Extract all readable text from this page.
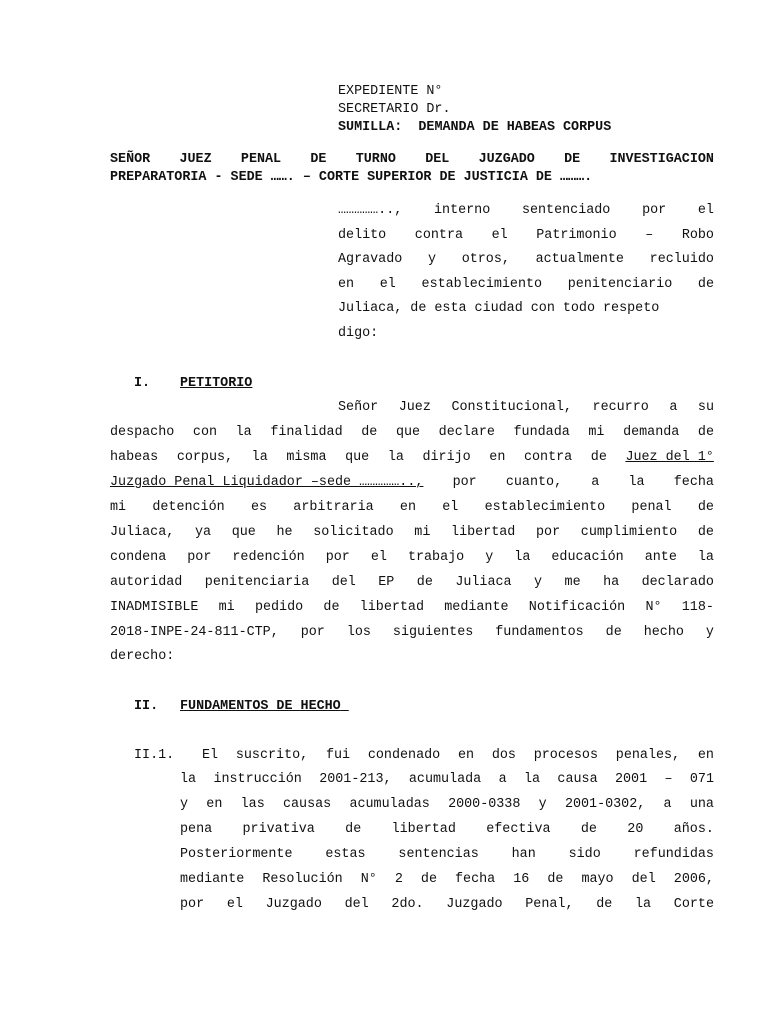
EXPEDIENTE N°
SECRETARIO Dr.
SUMILLA: DEMANDA DE HABEAS CORPUS
SEÑOR JUEZ PENAL DE TURNO DEL JUZGADO DE INVESTIGACION
PREPARATORIA - SEDE ……. – CORTE SUPERIOR DE JUSTICIA DE ……….
…………….., interno sentenciado por el
delito contra el Patrimonio – Robo
Agravado y otros, actualmente recluido
en el establecimiento penitenciario de
Juliaca, de esta ciudad con todo respeto
digo:
I. PETITORIO
Señor Juez Constitucional, recurro a su
despacho con la finalidad de que declare fundada mi demanda de
habeas corpus, la misma que la dirijo en contra de Juez del 1°
Juzgado Penal Liquidador –sede …………….., por cuanto, a la fecha
mi detención es arbitraria en el establecimiento penal de
Juliaca, ya que he solicitado mi libertad por cumplimiento de
condena por redención por el trabajo y la educación ante la
autoridad penitenciaria del EP de Juliaca y me ha declarado
INADMISIBLE mi pedido de libertad mediante Notificación N° 118-
2018-INPE-24-811-CTP, por los siguientes fundamentos de hecho y
derecho:
II. FUNDAMENTOS DE HECHO
II.1. El suscrito, fui condenado en dos procesos penales, en
la instrucción 2001-213, acumulada a la causa 2001 – 071
y en las causas acumuladas 2000-0338 y 2001-0302, a una
pena privativa de libertad efectiva de 20 años.
Posteriormente estas sentencias han sido refundidas
mediante Resolución N° 2 de fecha 16 de mayo del 2006,
por el Juzgado del 2do. Juzgado Penal, de la Corte
